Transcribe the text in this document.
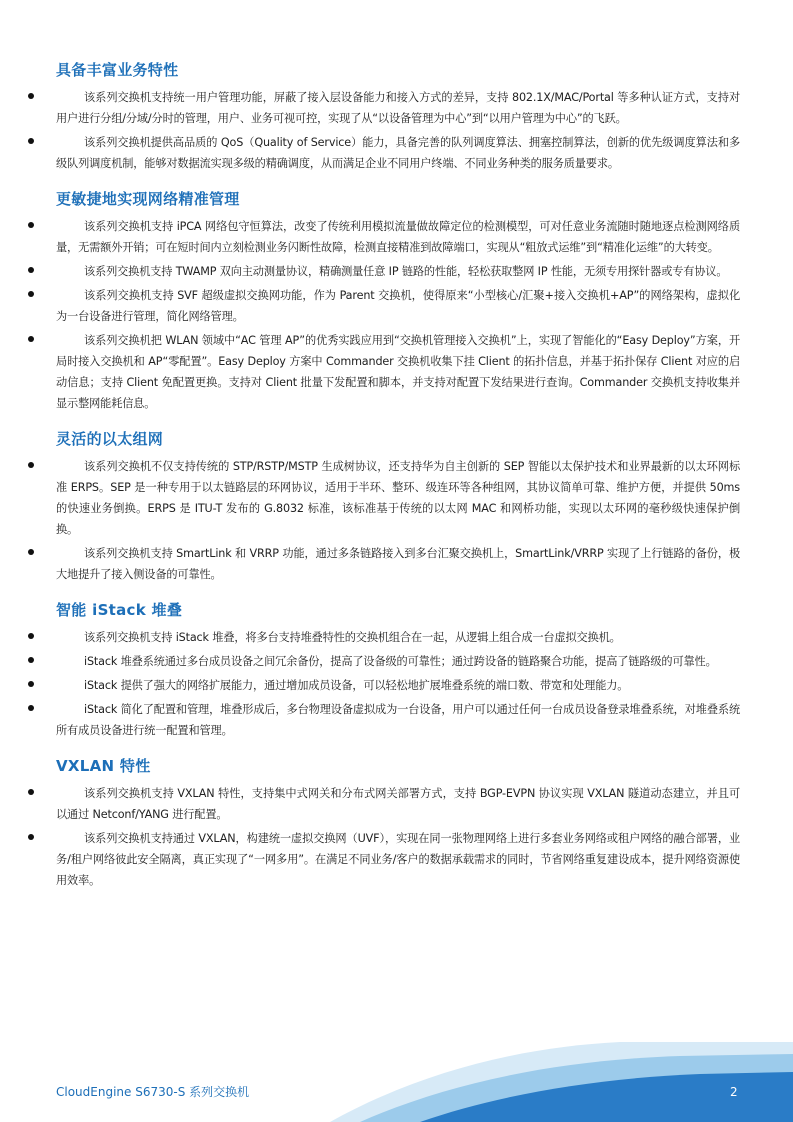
具备丰富业务特性
该系列交换机支持统一用户管理功能，屏蔽了接入层设备能力和接入方式的差异，支持 802.1X/MAC/Portal 等多种认证方式，支持对用户进行分组/分域/分时的管理，用户、业务可视可控，实现了从“以设备管理为中心”到“以用户管理为中心”的飞跃。
该系列交换机提供高品质的 QoS（Quality of Service）能力，具备完善的队列调度算法、拥塞控制算法，创新的优先级调度算法和多级队列调度机制，能够对数据流实现多级的精确调度，从而满足企业不同用户终端、不同业务种类的服务质量要求。
更敏捷地实现网络精准管理
该系列交换机支持 iPCA 网络包守恒算法，改变了传统利用模拟流量做故障定位的检测模型，可对任意业务流随时随地逐点检测网络质量，无需额外开销；可在短时间内立刻检测业务闪断性故障，检测直接精准到故障端口，实现从“粗放式运维”到“精准化运维”的大转变。
该系列交换机支持 TWAMP 双向主动测量协议，精确测量任意 IP 链路的性能，轻松获取整网 IP 性能，无须专用探针器或专有协议。
该系列交换机支持 SVF 超级虚拟交换网功能，作为 Parent 交换机，使得原来“小型核心/汇聚+接入交换机+AP”的网络架构，虚拟化为一台设备进行管理，简化网络管理。
该系列交换机把 WLAN 领域中“AC 管理 AP”的优秀实践应用到“交换机管理接入交换机”上，实现了智能化的“Easy Deploy”方案，开局时接入交换机和 AP“零配置”。Easy Deploy 方案中 Commander 交换机收集下挂 Client 的拓扑信息，并基于拓扑保存 Client 对应的启动信息；支持 Client 免配置更换。支持对 Client 批量下发配置和脚本，并支持对配置下发结果进行查询。Commander 交换机支持收集并显示整网能耗信息。
灵活的以太组网
该系列交换机不仅支持传统的 STP/RSTP/MSTP 生成树协议，还支持华为自主创新的 SEP 智能以太保护技术和业界最新的以太环网标准 ERPS。SEP 是一种专用于以太链路层的环网协议，适用于半环、整环、级连环等各种组网，其协议简单可靠、维护方便，并提供 50ms 的快速业务倒换。ERPS 是 ITU-T 发布的 G.8032 标准，该标准基于传统的以太网 MAC 和网桥功能，实现以太环网的毫秒级快速保护倒换。
该系列交换机支持 SmartLink 和 VRRP 功能，通过多条链路接入到多台汇聚交换机上，SmartLink/VRRP 实现了上行链路的备份，极大地提升了接入侧设备的可靠性。
智能 iStack 堆叠
该系列交换机支持 iStack 堆叠，将多台支持堆叠特性的交换机组合在一起，从逻辑上组合成一台虚拟交换机。
iStack 堆叠系统通过多台成员设备之间冗余备份，提高了设备级的可靠性；通过跨设备的链路聚合功能，提高了链路级的可靠性。
iStack 提供了强大的网络扩展能力，通过增加成员设备，可以轻松地扩展堆叠系统的端口数、带宽和处理能力。
iStack 简化了配置和管理，堆叠形成后，多台物理设备虚拟成为一台设备，用户可以通过任何一台成员设备登录堆叠系统，对堆叠系统所有成员设备进行统一配置和管理。
VXLAN 特性
该系列交换机支持 VXLAN 特性，支持集中式网关和分布式网关部署方式，支持 BGP-EVPN 协议实现 VXLAN 隧道动态建立，并且可以通过 Netconf/YANG 进行配置。
该系列交换机支持通过 VXLAN，构建统一虚拟交换网（UVF），实现在同一张物理网络上进行多套业务网络或租户网络的融合部署，业务/租户网络彼此安全隔离，真正实现了“一网多用”。在满足不同业务/客户的数据承载需求的同时，节省网络重复建设成本，提升网络资源使用效率。
CloudEngine S6730-S 系列交换机	2
